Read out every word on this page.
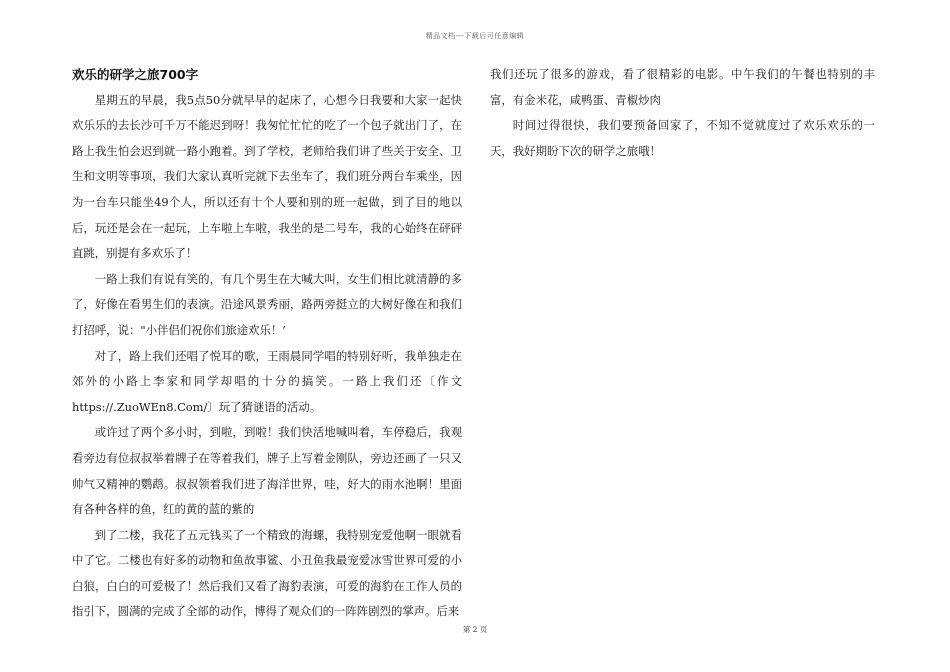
精品文档---下载后可任意编辑
欢乐的研学之旅700字

星期五的早晨，我5点50分就早早的起床了，心想今日我要和大家一起快欢乐乐的去长沙可千万不能迟到呀！我匆忙忙忙的吃了一个包子就出门了，在路上我生怕会迟到就一路小跑着。到了学校，老师给我们讲了些关于安全、卫生和文明等事项，我们大家认真听完就下去坐车了，我们班分两台车乘坐，因为一台车只能坐49个人，所以还有十个人要和别的班一起做，到了目的地以后，玩还是会在一起玩，上车啦上车啦，我坐的是二号车，我的心始终在砰砰直跳，别提有多欢乐了！

一路上我们有说有笑的，有几个男生在大喊大叫，女生们相比就清静的多了，好像在看男生们的表演。沿途风景秀丽，路两旁挺立的大树好像在和我们打招呼，说："小伴侣们祝你们旅途欢乐！’

对了，路上我们还唱了悦耳的歌，王雨晨同学唱的特别好听，我单独走在郊外的小路上李家和同学却唱的十分的搞笑。一路上我们还〔作文https://.ZuoWEn8.Com/〕玩了猜谜语的活动。

或许过了两个多小时，到啦，到啦！我们快活地喊叫着，车停稳后，我观看旁边有位叔叔举着牌子在等着我们，牌子上写着金刚队，旁边还画了一只又帅气又精神的鹦鹉。叔叔领着我们进了海洋世界，哇，好大的雨水池啊！里面有各种各样的鱼，红的黄的蓝的紫的

到了二楼，我花了五元钱买了一个精致的海螺，我特别宠爱他啊一眼就看中了它。二楼也有好多的动物和鱼故事鲨、小丑鱼我最宠爱冰雪世界可爱的小白狼，白白的可爱极了！然后我们又看了海豹表演，可爱的海豹在工作人员的指引下，圆满的完成了全部的动作，博得了观众们的一阵阵剧烈的掌声。后来

我们还玩了很多的游戏，看了很精彩的电影。中午我们的午餐也特别的丰富，有金米花，咸鸭蛋、青椒炒肉

时间过得很快，我们要预备回家了，不知不觉就度过了欢乐欢乐的一天，我好期盼下次的研学之旅哦！

第 2 页
